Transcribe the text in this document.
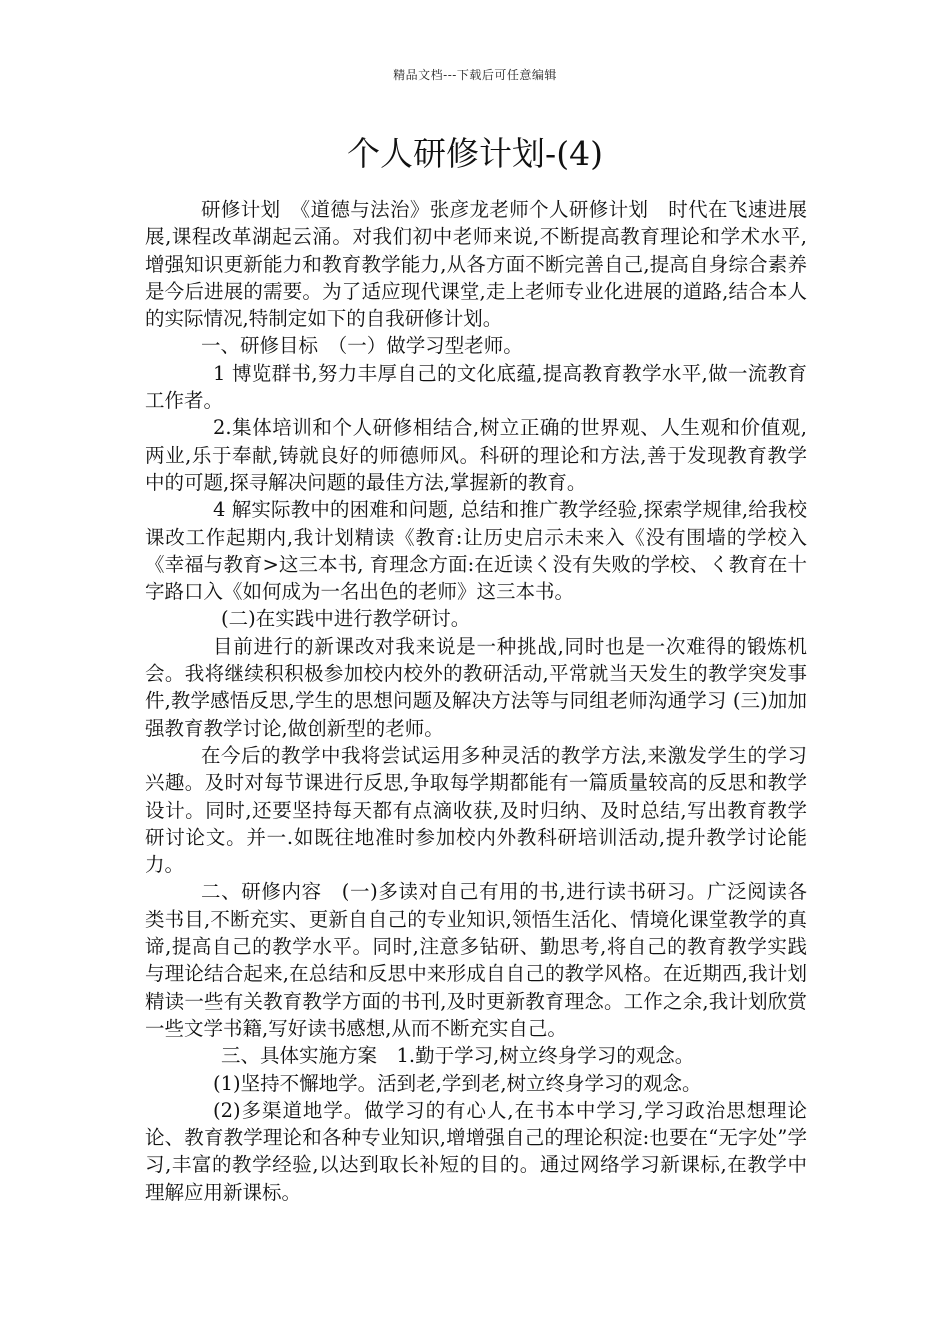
精品文档---下载后可任意编辑
个人研修计划-(4)

研修计划　《道德与法治》张彦龙老师个人研修计划　时代在飞速进展展,课程改革湖起云涌。对我们初中老师来说,不断提高教育理论和学术水平,增强知识更新能力和教育教学能力,从各方面不断完善自己,提高自身综合素养是今后进展的需要。为了适应现代课堂,走上老师专业化进展的道路,结合本人的实际情况,特制定如下的自我研修计划。

一、研修目标　（一）做学习型老师。

1 博览群书,努力丰厚自己的文化底蕴,提高教育教学水平,做一流教育工作者。

2.集体培训和个人研修相结合,树立正确的世界观、人生观和价值观,两业,乐于奉献,铸就良好的师德师风。科研的理论和方法,善于发现教育教学中的可题,探寻解决问题的最佳方法,掌握新的教育。

4 解实际教中的困难和问题, 总结和推广教学经验,探索学规律,给我校课改工作起期内,我计划精读《教育:让历史启示未来入《没有围墙的学校入《幸福与教育>这三本书, 育理念方面:在近读く没有失败的学校、く教育在十字路口入《如何成为一名出色的老师》这三本书。

(二)在实践中进行教学研讨。

目前进行的新课改对我来说是一种挑战,同时也是一次难得的锻炼机会。我将继续积积极参加校内校外的教研活动,平常就当天发生的教学突发事件,教学感悟反思,学生的思想问题及解决方法等与同组老师沟通学习 (三)加加强教育教学讨论,做创新型的老师。

在今后的教学中我将尝试运用多种灵活的教学方法,来激发学生的学习兴趣。及时对每节课进行反思,争取每学期都能有一篇质量较高的反思和教学设计。同时,还要坚持每天都有点滴收获,及时归纳、及时总结,写出教育教学研讨论文。并一.如既往地准时参加校内外教科研培训活动,提升教学讨论能力。

二、研修内容　(一)多读对自己有用的书,进行读书研习。广泛阅读各类书目,不断充实、更新自自己的专业知识,领悟生活化、情境化课堂教学的真谛,提高自己的教学水平。同时,注意多钻研、勤思考,将自己的教育教学实践与理论结合起来,在总结和反思中来形成自自己的教学风格。在近期西,我计划精读一些有关教育教学方面的书刊,及时更新教育理念。工作之余,我计划欣赏一些文学书籍,写好读书感想,从而不断充实自己。

三、具体实施方案　1.勤于学习,树立终身学习的观念。

(1)坚持不懈地学。活到老,学到老,树立终身学习的观念。

(2)多渠道地学。做学习的有心人,在书本中学习,学习政治思想理论论、教育教学理论和各种专业知识,增增强自己的理论积淀:也要在“无字处”学习,丰富的教学经验,以达到取长补短的目的。通过网络学习新课标,在教学中理解应用新课标。
